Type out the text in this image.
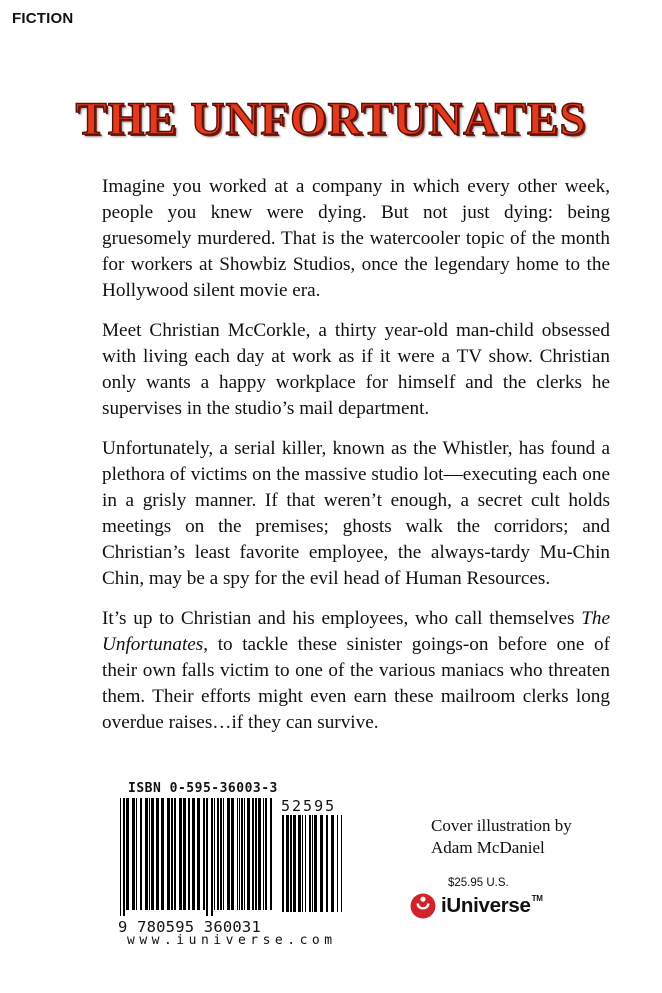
FICTION
THE UNFORTUNATES

Imagine you worked at a company in which every other week, people you knew were dying. But not just dying: being gruesomely murdered. That is the watercooler topic of the month for workers at Showbiz Studios, once the legendary home to the Hollywood silent movie era.

Meet Christian McCorkle, a thirty year-old man-child obsessed with living each day at work as if it were a TV show. Christian only wants a happy workplace for himself and the clerks he supervises in the studio’s mail department.

Unfortunately, a serial killer, known as the Whistler, has found a plethora of victims on the massive studio lot—executing each one in a grisly manner. If that weren’t enough, a secret cult holds meetings on the premises; ghosts walk the corridors; and Christian’s least favorite employee, the always-tardy Mu-Chin Chin, may be a spy for the evil head of Human Resources.

It’s up to Christian and his employees, who call themselves The Unfortunates, to tackle these sinister goings-on before one of their own falls victim to one of the various maniacs who threaten them. Their efforts might even earn these mailroom clerks long overdue raises…if they can survive.

ISBN 0-595-36003-3
9 780595 360031
52595
Cover illustration by
Adam McDaniel
$25.95 U.S.
iUniverse™
www.iuniverse.com
